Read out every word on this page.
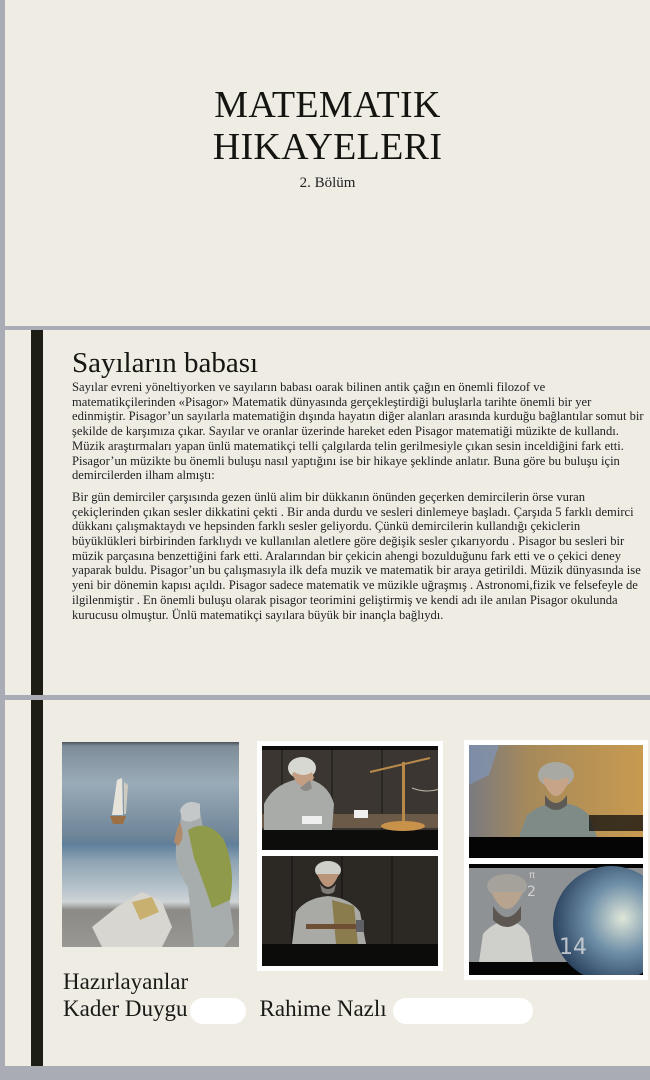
MATEMATIK
HIKAYELERI
2. Bölüm
Sayıların babası

Sayılar evreni yöneltiyorken ve sayıların babası oarak bilinen antik çağın en önemli filozof ve matematikçilerinden «Pisagor» Matematik dünyasında gerçekleştirdiği buluşlarla tarihte önemli bir yer edinmiştir. Pisagor’un sayılarla matematiğin dışında hayatın diğer alanları arasında kurduğu bağlantılar somut bir şekilde de karşımıza çıkar. Sayılar ve oranlar üzerinde hareket eden Pisagor matematiği müzikte de kullandı. Müzik araştırmaları yapan ünlü matematikçi telli çalgılarda telin gerilmesiyle çıkan sesin inceldiğini fark etti. Pisagor’un müzikte bu önemli buluşu nasıl yaptığını ise bir hikaye şeklinde anlatır. Buna göre bu buluşu için demircilerden ilham almıştı:

Bir gün demirciler çarşısında gezen ünlü alim bir dükkanın önünden geçerken demircilerin örse vuran çekiçlerinden çıkan sesler dikkatini çekti . Bir anda durdu ve sesleri dinlemeye başladı. Çarşıda 5 farklı demirci dükkanı çalışmaktaydı ve hepsinden farklı sesler geliyordu. Çünkü demircilerin kullandığı çekiclerin büyüklükleri birbirinden farklıydı ve kullanılan aletlere göre değişik sesler çıkarıyordu . Pisagor bu sesleri bir müzik parçasına benzettiğini fark etti. Aralarından bir çekicin ahengi bozulduğunu fark etti ve o çekici deney yaparak buldu. Pisagor’un bu çalışmasıyla ilk defa muzik ve matematik bir araya getirildi. Müzik dünyasında ise yeni bir dönemin kapısı açıldı. Pisagor sadece matematik ve müzikle uğraşmış . Astronomi,fizik ve felsefeyle de ilgilenmiştir . En önemli buluşu olarak pisagor teorimini geliştirmiş ve kendi adı ile anılan Pisagor okulunda kurucusu olmuştur. Ünlü matematikçi sayılara büyük bir inançla bağlıydı.

2
π
14
Hazırlayanlar
Kader Duygu	Rahime Nazlı
